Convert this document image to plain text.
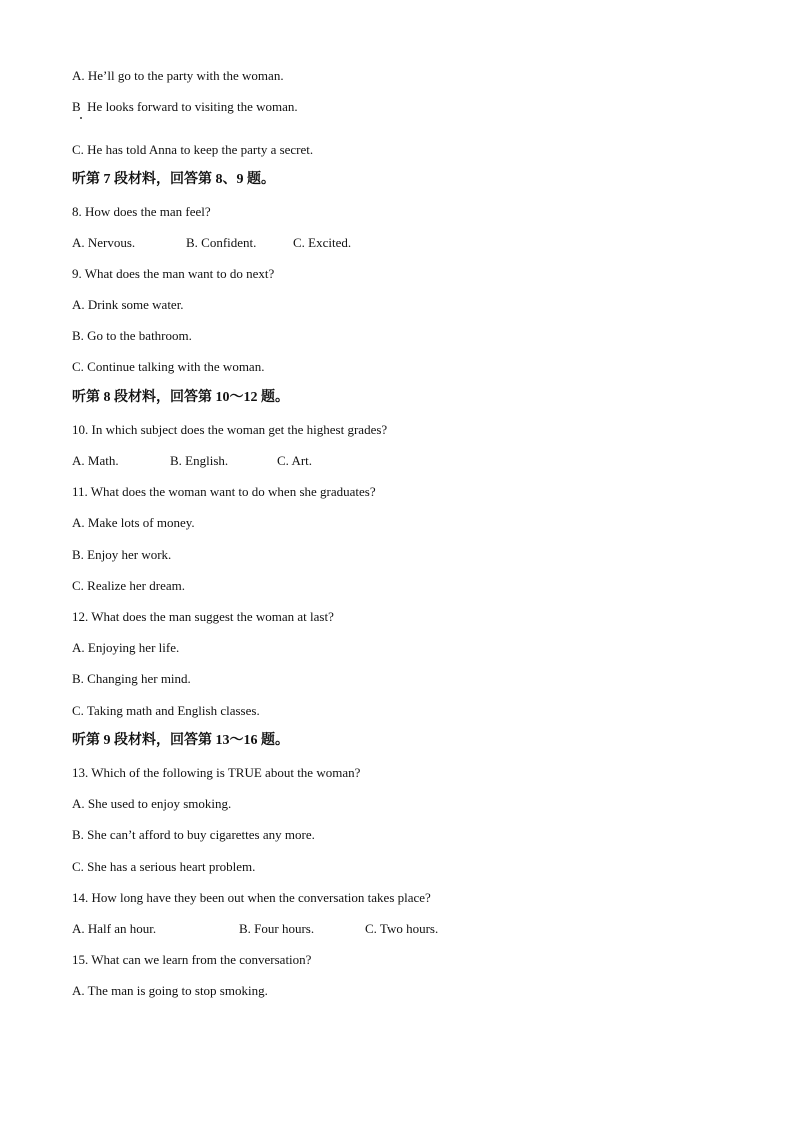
A. He’ll go to the party with the woman.
B  He looks forward to visiting the woman.
C. He has told Anna to keep the party a secret.
听第 7 段材料，回答第 8、9 题。
8. How does the man feel?
A. Nervous.	B. Confident.	C. Excited.
9. What does the man want to do next?
A. Drink some water.
B. Go to the bathroom.
C. Continue talking with the woman.
听第 8 段材料，回答第 10～12 题。
10. In which subject does the woman get the highest grades?
A. Math.	B. English.	C. Art.
11. What does the woman want to do when she graduates?
A. Make lots of money.
B. Enjoy her work.
C. Realize her dream.
12. What does the man suggest the woman at last?
A. Enjoying her life.
B. Changing her mind.
C. Taking math and English classes.
听第 9 段材料，回答第 13～16 题。
13. Which of the following is TRUE about the woman?
A. She used to enjoy smoking.
B. She can’t afford to buy cigarettes any more.
C. She has a serious heart problem.
14. How long have they been out when the conversation takes place?
A. Half an hour.	B. Four hours.	C. Two hours.
15. What can we learn from the conversation?
A. The man is going to stop smoking.
